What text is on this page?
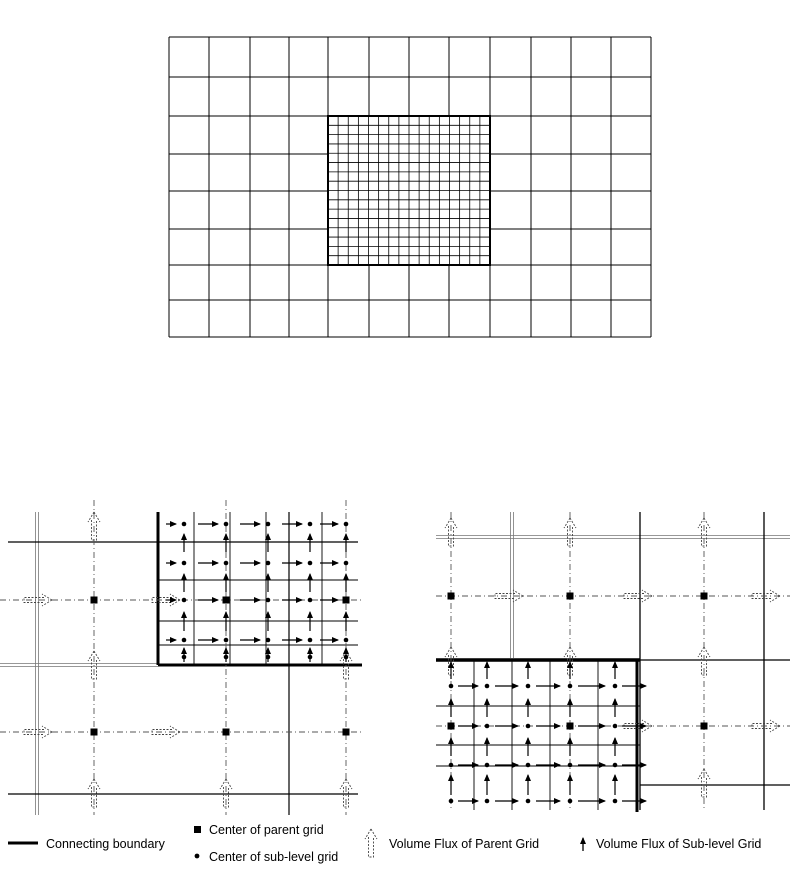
Connecting boundary
Center of parent grid
Center of sub-level grid
Volume Flux of Parent Grid	Volume Flux of Sub-level Grid
